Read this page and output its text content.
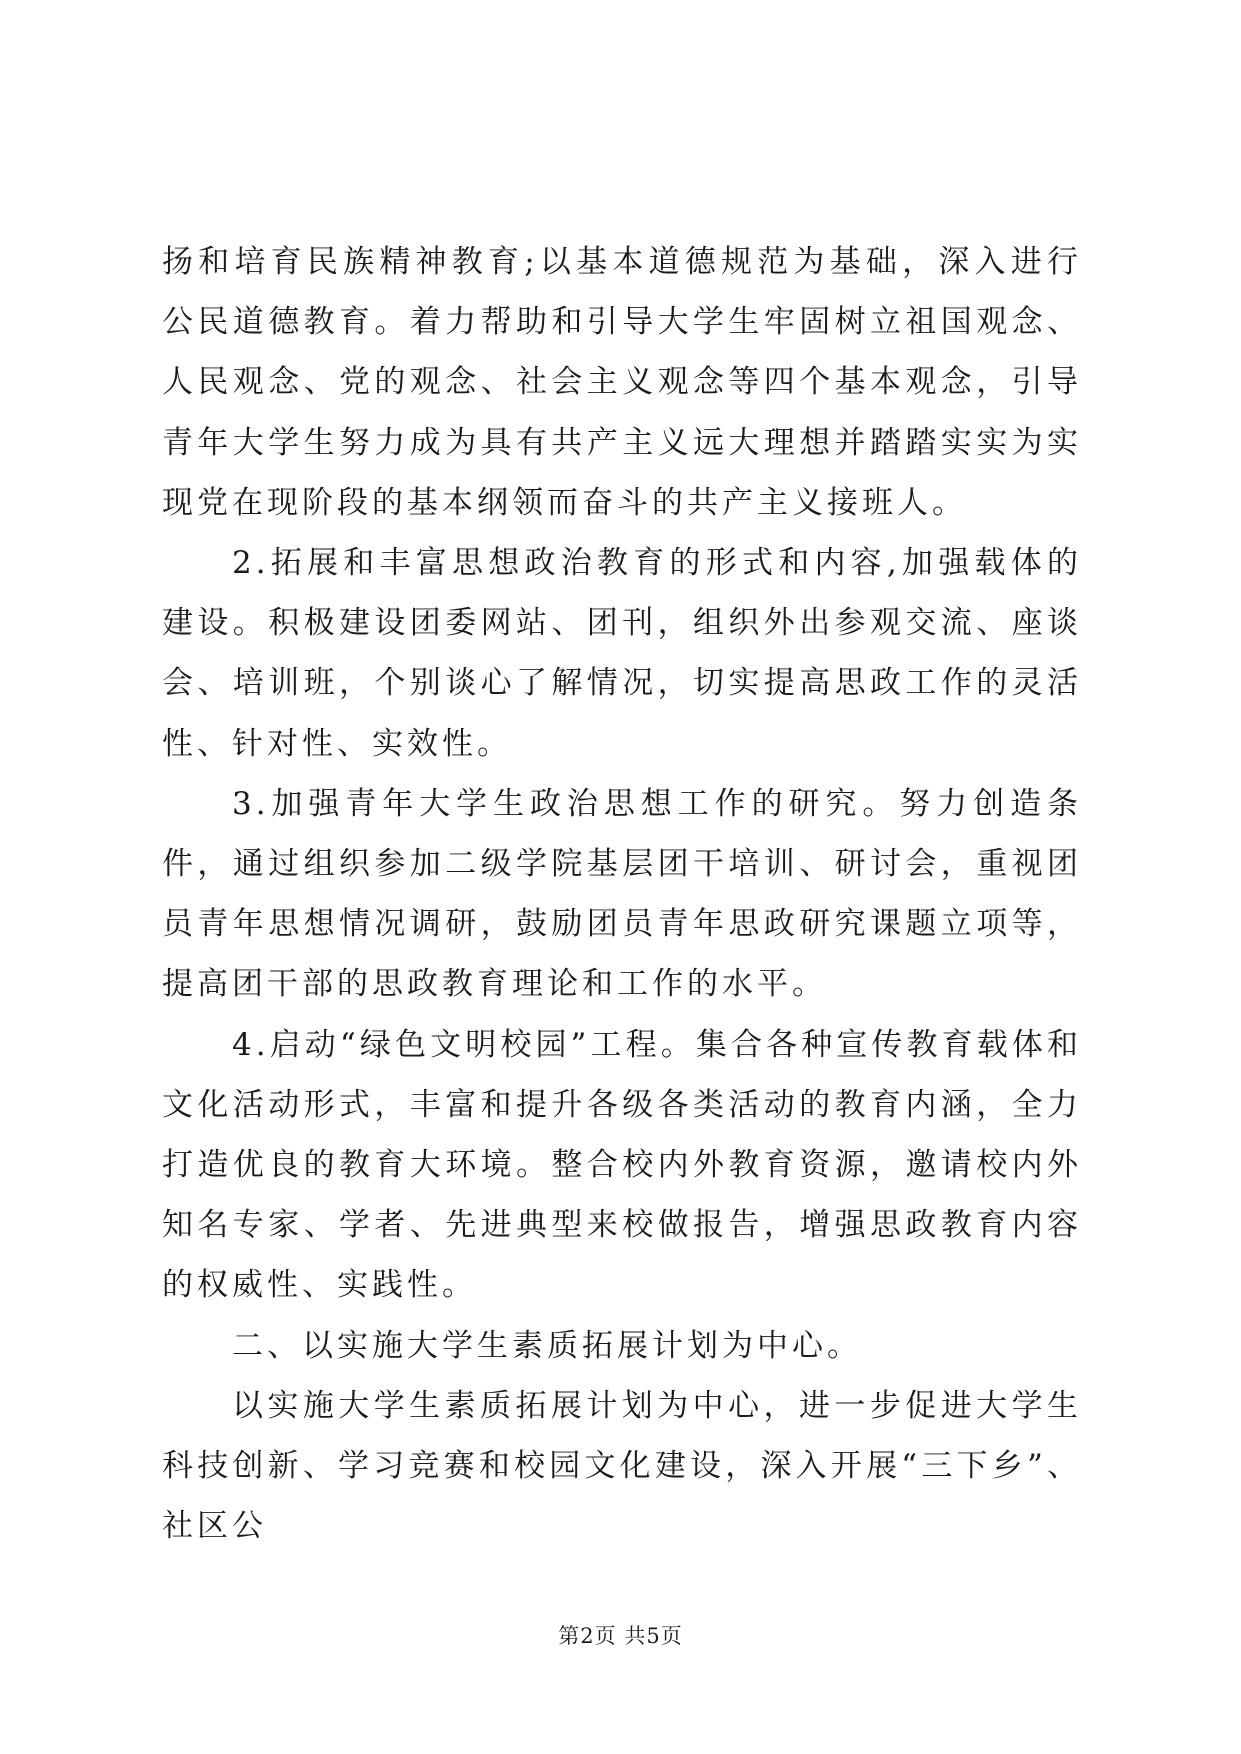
扬和培育民族精神教育;以基本道德规范为基础，深入进行公民道德教育。着力帮助和引导大学生牢固树立祖国观念、人民观念、党的观念、社会主义观念等四个基本观念，引导青年大学生努力成为具有共产主义远大理想并踏踏实实为实现党在现阶段的基本纲领而奋斗的共产主义接班人。

2.拓展和丰富思想政治教育的形式和内容,加强载体的建设。积极建设团委网站、团刊，组织外出参观交流、座谈会、培训班，个别谈心了解情况，切实提高思政工作的灵活性、针对性、实效性。

3.加强青年大学生政治思想工作的研究。努力创造条件，通过组织参加二级学院基层团干培训、研讨会，重视团员青年思想情况调研，鼓励团员青年思政研究课题立项等，提高团干部的思政教育理论和工作的水平。

4.启动“绿色文明校园”工程。集合各种宣传教育载体和文化活动形式，丰富和提升各级各类活动的教育内涵，全力打造优良的教育大环境。整合校内外教育资源，邀请校内外知名专家、学者、先进典型来校做报告，增强思政教育内容的权威性、实践性。

二、以实施大学生素质拓展计划为中心。

以实施大学生素质拓展计划为中心，进一步促进大学生科技创新、学习竞赛和校园文化建设，深入开展“三下乡”、社区公

第2页 共5页
